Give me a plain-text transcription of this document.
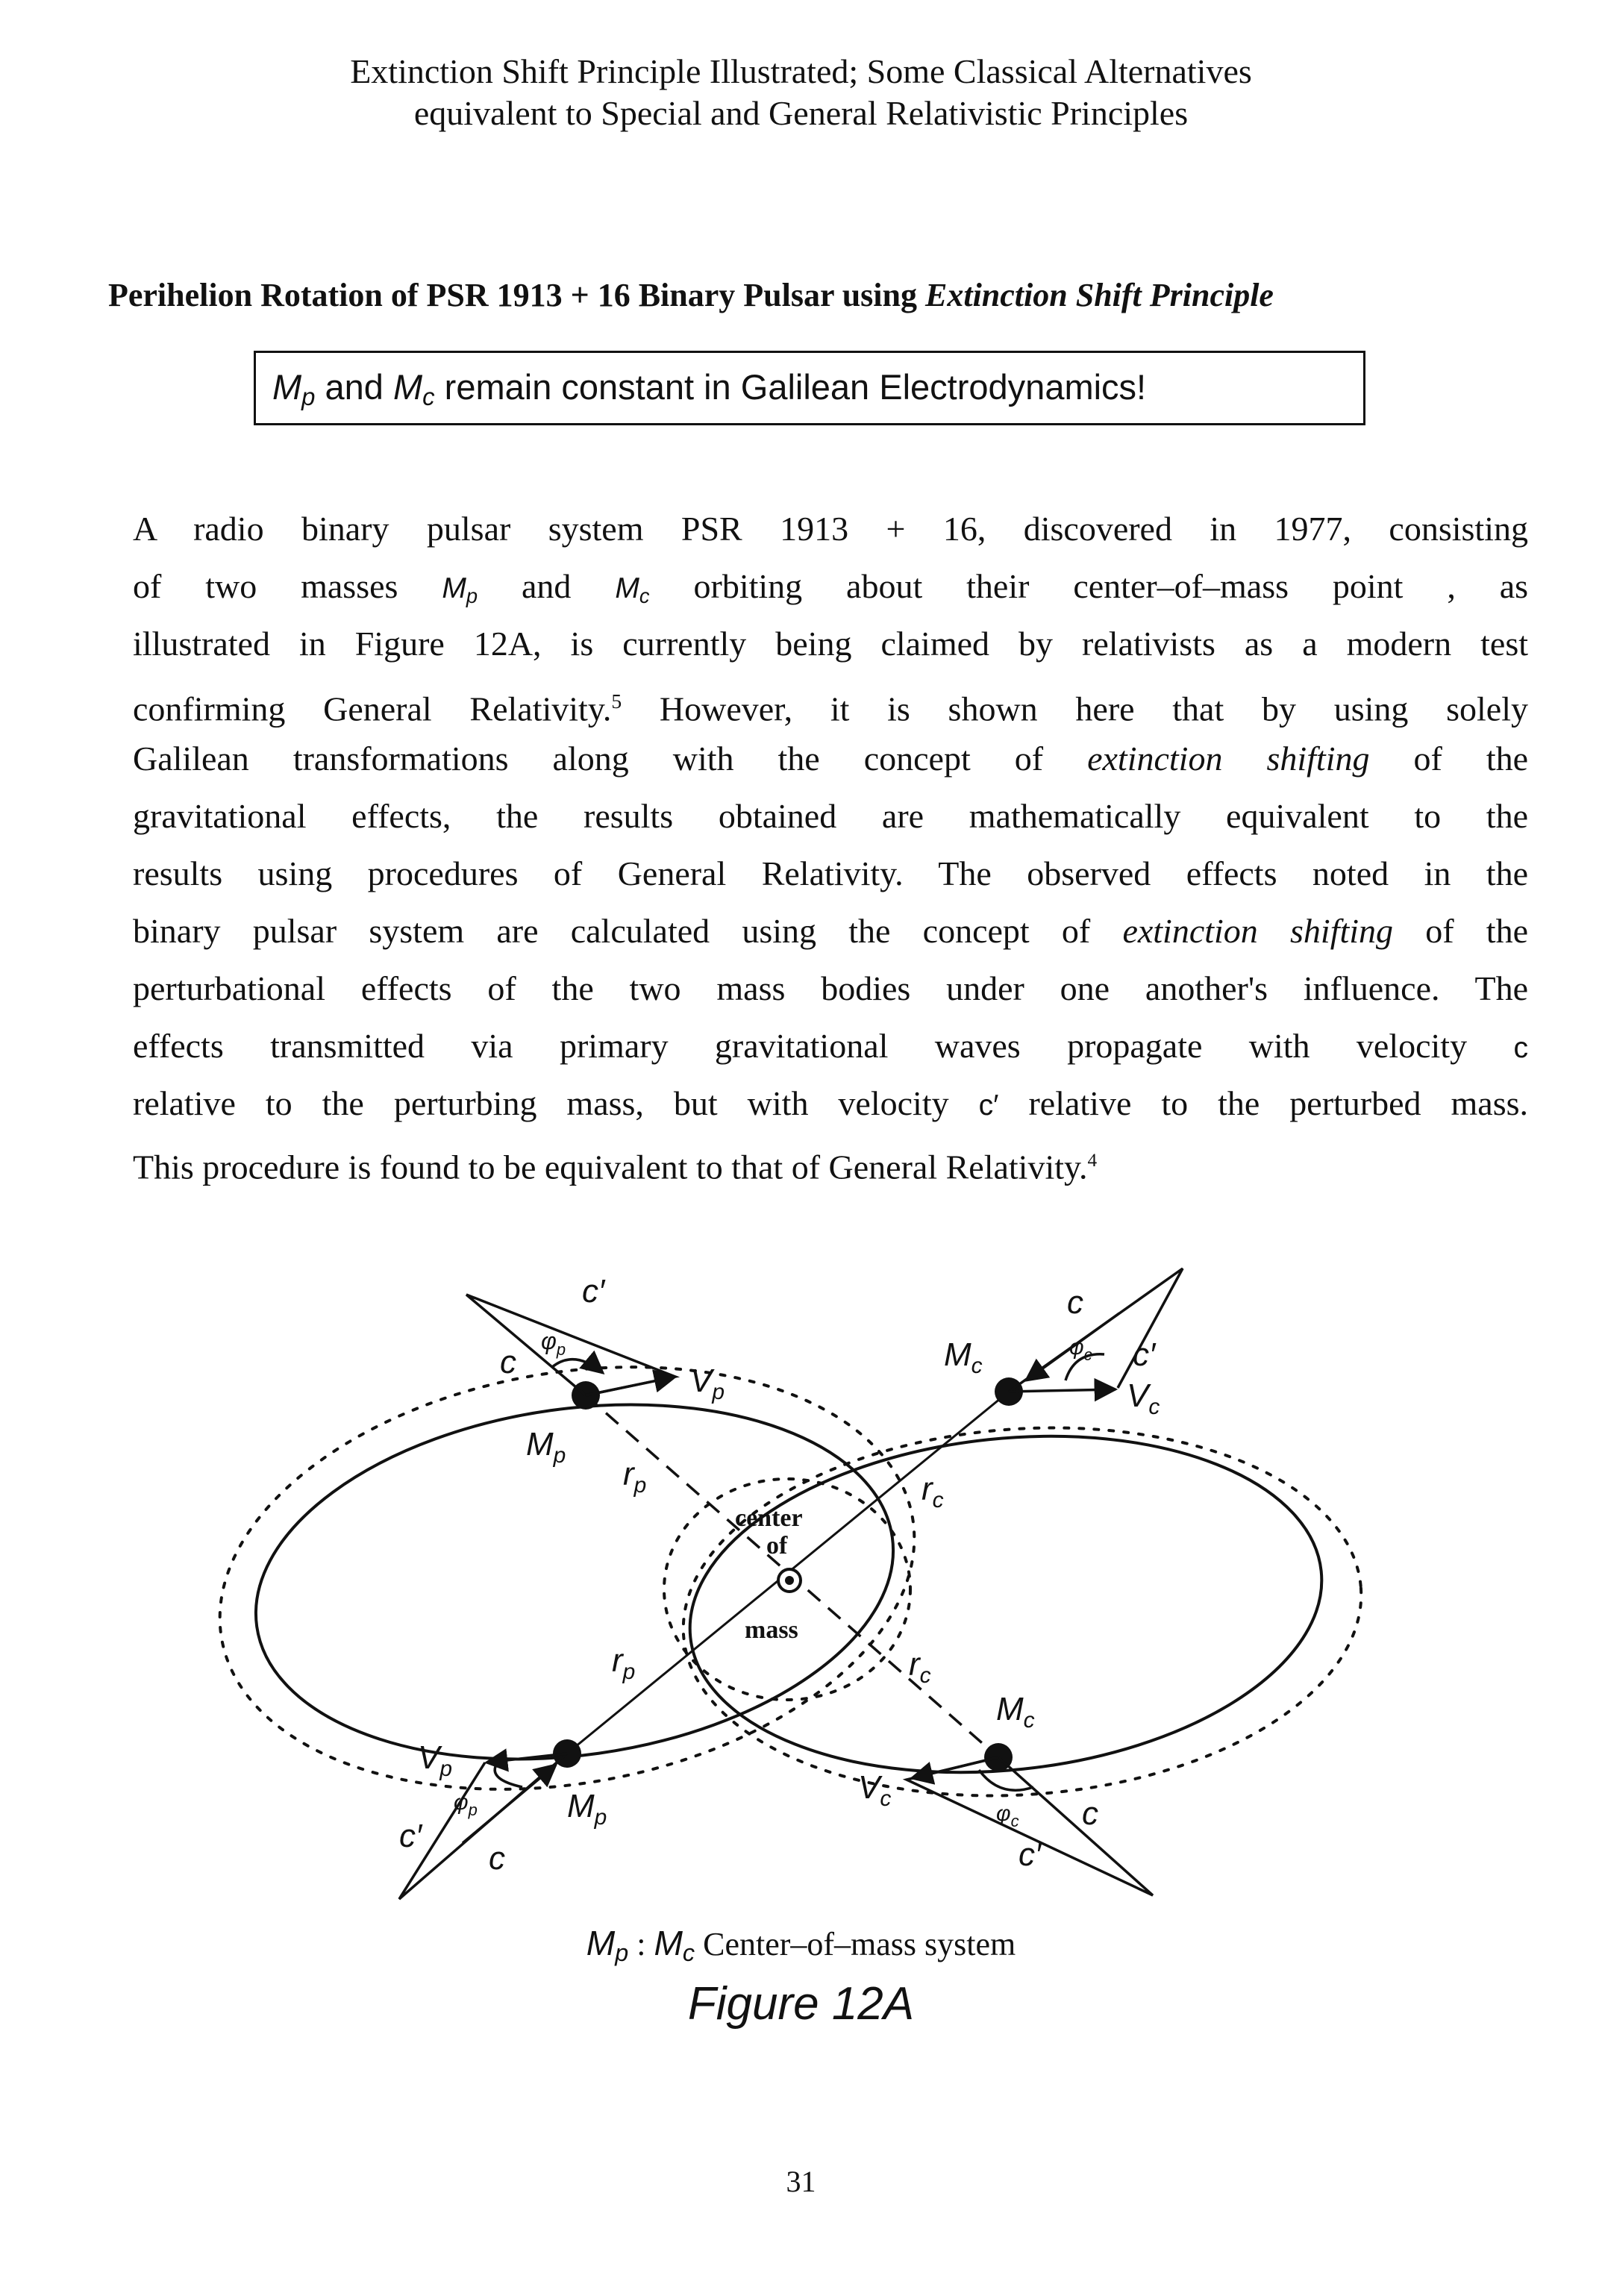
Extinction Shift Principle Illustrated; Some Classical Alternatives
equivalent to Special and General Relativistic Principles
Perihelion Rotation of PSR 1913 + 16 Binary Pulsar using Extinction Shift Principle
$M_p$ and $M_c$ remain constant in Galilean Electrodynamics!
A radio binary pulsar system PSR 1913 + 16, discovered in 1977, consisting
of two masses $M_p$ and $M_c$ orbiting about their center–of–mass point , as
illustrated in Figure 12A, is currently being claimed by relativists as a modern test
confirming General Relativity.$^5$ However, it is shown here that by using solely
Galilean transformations along with the concept of extinction shifting of the
gravitational effects, the results obtained are mathematically equivalent to the
results using procedures of General Relativity. The observed effects noted in the
binary pulsar system are calculated using the concept of extinction shifting of the
perturbational effects of the two mass bodies under one another's influence. The
effects transmitted via primary gravitational waves propagate with velocity c
relative to the perturbing mass, but with velocity c′ relative to the perturbed mass.
This procedure is found to be equivalent to that of General Relativity.$^4$
c′
c
$\varphi_p$
$V_p$
$M_p$
$r_p$
$M_c$
c
$\varphi_c$ c′
$V_c$
$r_c$
center
of
mass
$r_p$	$r_c$
$M_c$
$V_p$
$M_p$
$\varphi_p$
c′
c
$V_c$
$\varphi_c$ c
c′
$M_p$ : $M_c$ Center–of–mass system
Figure 12A
31
